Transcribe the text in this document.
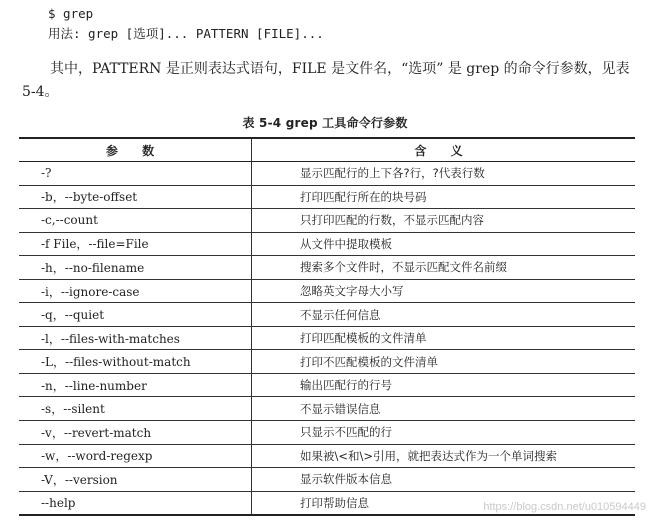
$ grep
用法: grep [选项]... PATTERN [FILE]...

其中，PATTERN 是正则表达式语句，FILE 是文件名，“选项” 是 grep 的命令行参数，见表 5-4。

表 5-4 grep 工具命令行参数
参 数	含 义
-?	显示匹配行的上下各?行，?代表行数
-b，--byte-offset	打印匹配行所在的块号码
-c,--count	只打印匹配的行数，不显示匹配内容
-f File，--file=File	从文件中提取模板
-h，--no-filename	搜索多个文件时，不显示匹配文件名前缀
-i，--ignore-case	忽略英文字母大小写
-q，--quiet	不显示任何信息
-l，--files-with-matches	打印匹配模板的文件清单
-L，--files-without-match	打印不匹配模板的文件清单
-n，--line-number	输出匹配行的行号
-s，--silent	不显示错误信息
-v，--revert-match	只显示不匹配的行
-w，--word-regexp	如果被\<和\>引用，就把表达式作为一个单词搜索
-V，--version	显示软件版本信息
--help	打印帮助信息	https://blog.csdn.net/u010594449
